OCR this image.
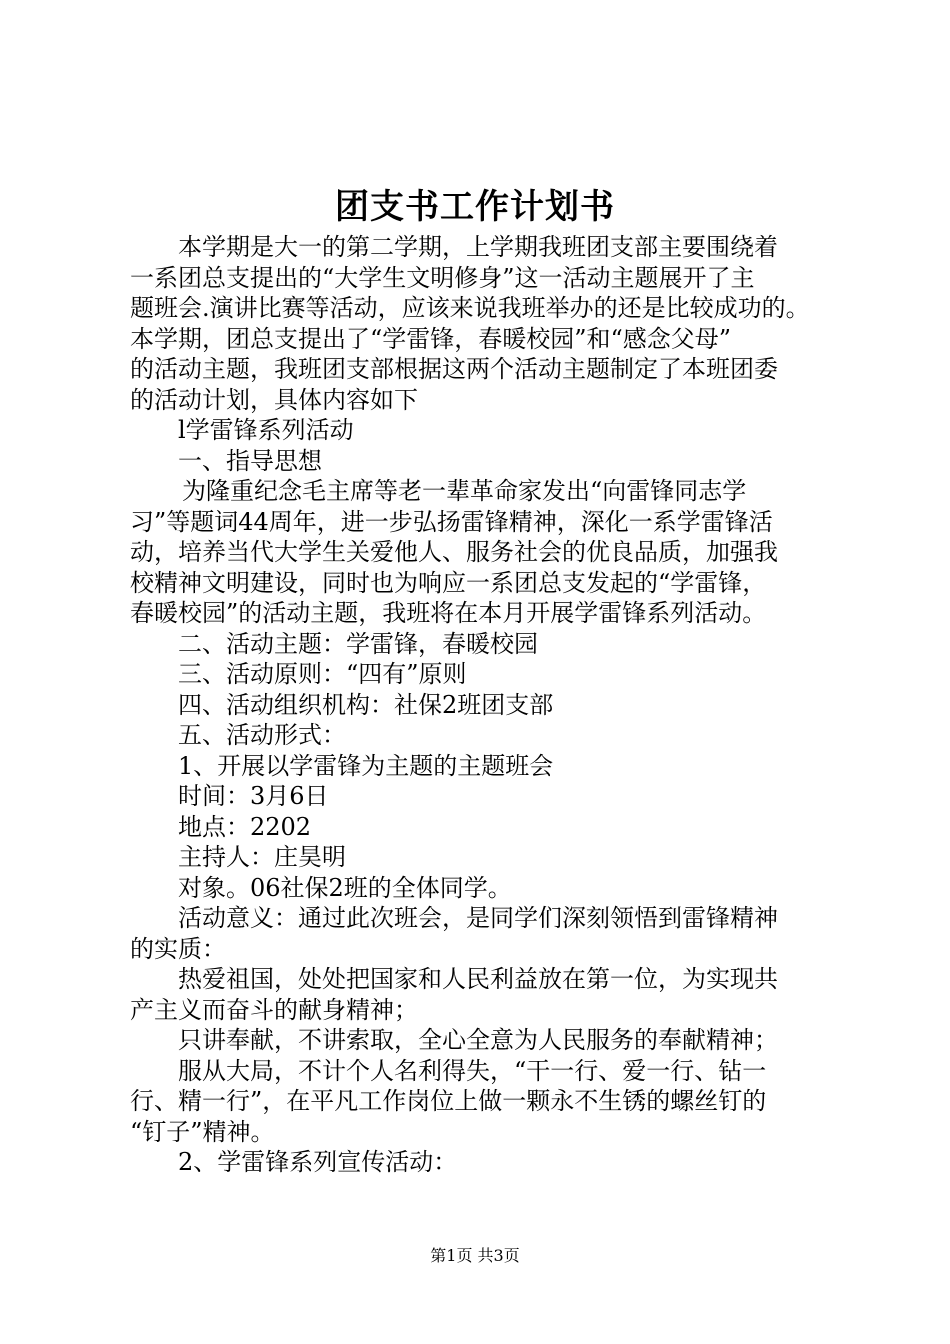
团支书工作计划书

本学期是大一的第二学期，上学期我班团支部主要围绕着

一系团总支提出的“大学生文明修身”这一活动主题展开了主

题班会.演讲比赛等活动，应该来说我班举办的还是比较成功的。

本学期，团总支提出了“学雷锋，春暖校园”和“感念父母”

的活动主题，我班团支部根据这两个活动主题制定了本班团委

的活动计划，具体内容如下

l学雷锋系列活动

一、指导思想

为隆重纪念毛主席等老一辈革命家发出“向雷锋同志学

习”等题词44周年，进一步弘扬雷锋精神，深化一系学雷锋活

动，培养当代大学生关爱他人、服务社会的优良品质，加强我

校精神文明建设，同时也为响应一系团总支发起的“学雷锋，

春暖校园”的活动主题，我班将在本月开展学雷锋系列活动。

二、活动主题：学雷锋，春暖校园

三、活动原则：“四有”原则

四、活动组织机构：社保2班团支部

五、活动形式：

1、开展以学雷锋为主题的主题班会

时间：3月6日

地点：2202

主持人：庄昊明

对象。06社保2班的全体同学。

活动意义：通过此次班会，是同学们深刻领悟到雷锋精神

的实质：

热爱祖国，处处把国家和人民利益放在第一位，为实现共

产主义而奋斗的献身精神；

只讲奉献，不讲索取，全心全意为人民服务的奉献精神；

服从大局，不计个人名利得失，“干一行、爱一行、钻一

行、精一行”，在平凡工作岗位上做一颗永不生锈的螺丝钉的

“钉子”精神。

2、学雷锋系列宣传活动：

第1页 共3页
